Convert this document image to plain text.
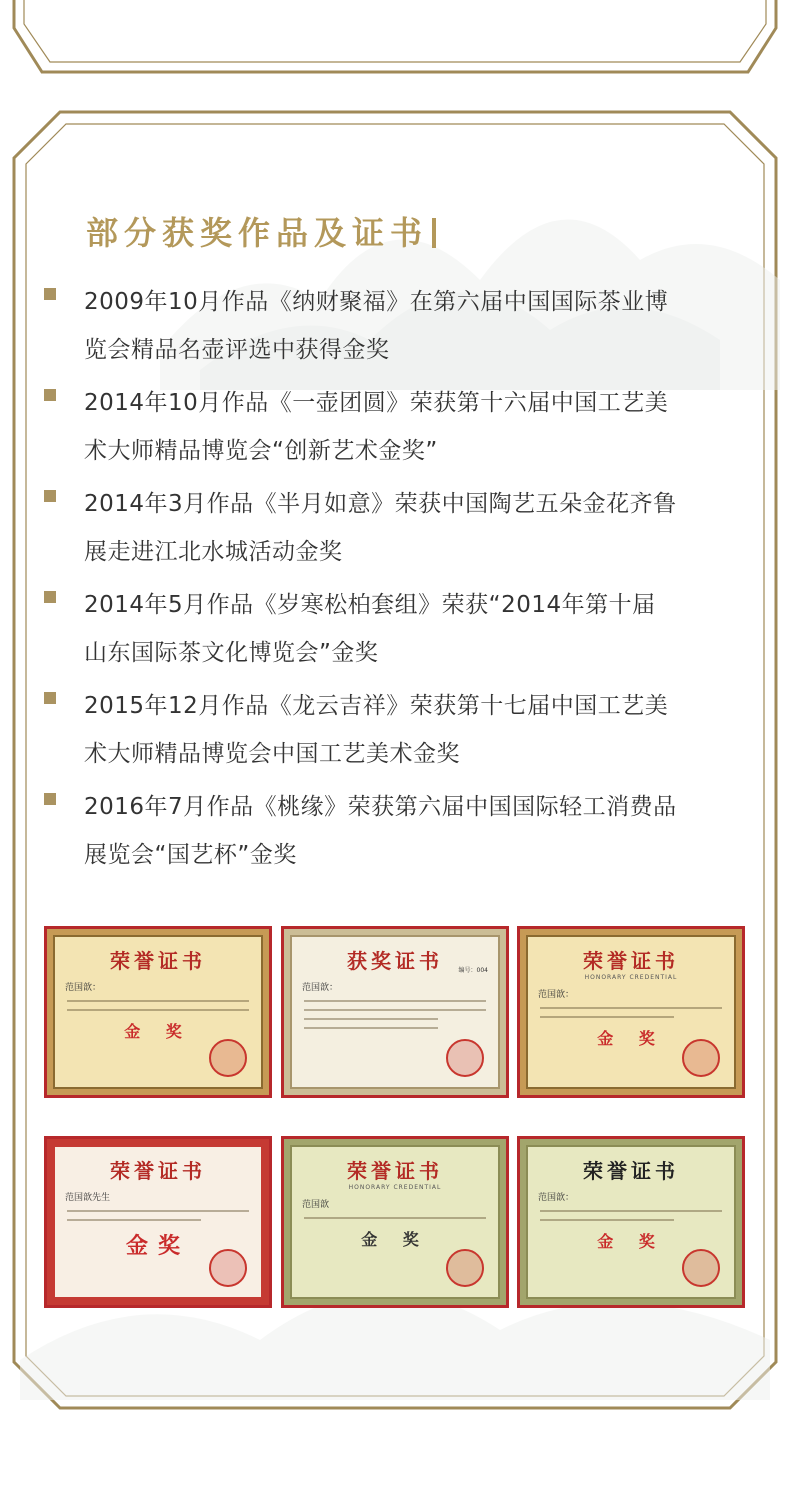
部分获奖作品及证书
2009年10月作品《纳财聚福》在第六届中国国际茶业博
览会精品名壶评选中获得金奖
2014年10月作品《一壶团圆》荣获第十六届中国工艺美
术大师精品博览会“创新艺术金奖”
2014年3月作品《半月如意》荣获中国陶艺五朵金花齐鲁
展走进江北水城活动金奖
2014年5月作品《岁寒松柏套组》荣获“2014年第十届
山东国际茶文化博览会”金奖
2015年12月作品《龙云吉祥》荣获第十七届中国工艺美
术大师精品博览会中国工艺美术金奖
2016年7月作品《桃缘》荣获第六届中国国际轻工消费品
展览会“国艺杯”金奖
荣誉证书
范国歆：
金 奖
获奖证书	编号：004
范国歆：
荣誉证书
HONORARY CREDENTIAL
范国歆：
金 奖
荣誉证书
范国歆先生
金奖
荣誉证书
HONORARY CREDENTIAL
范国歆
金 奖
荣誉证书
范国歆：
金 奖
